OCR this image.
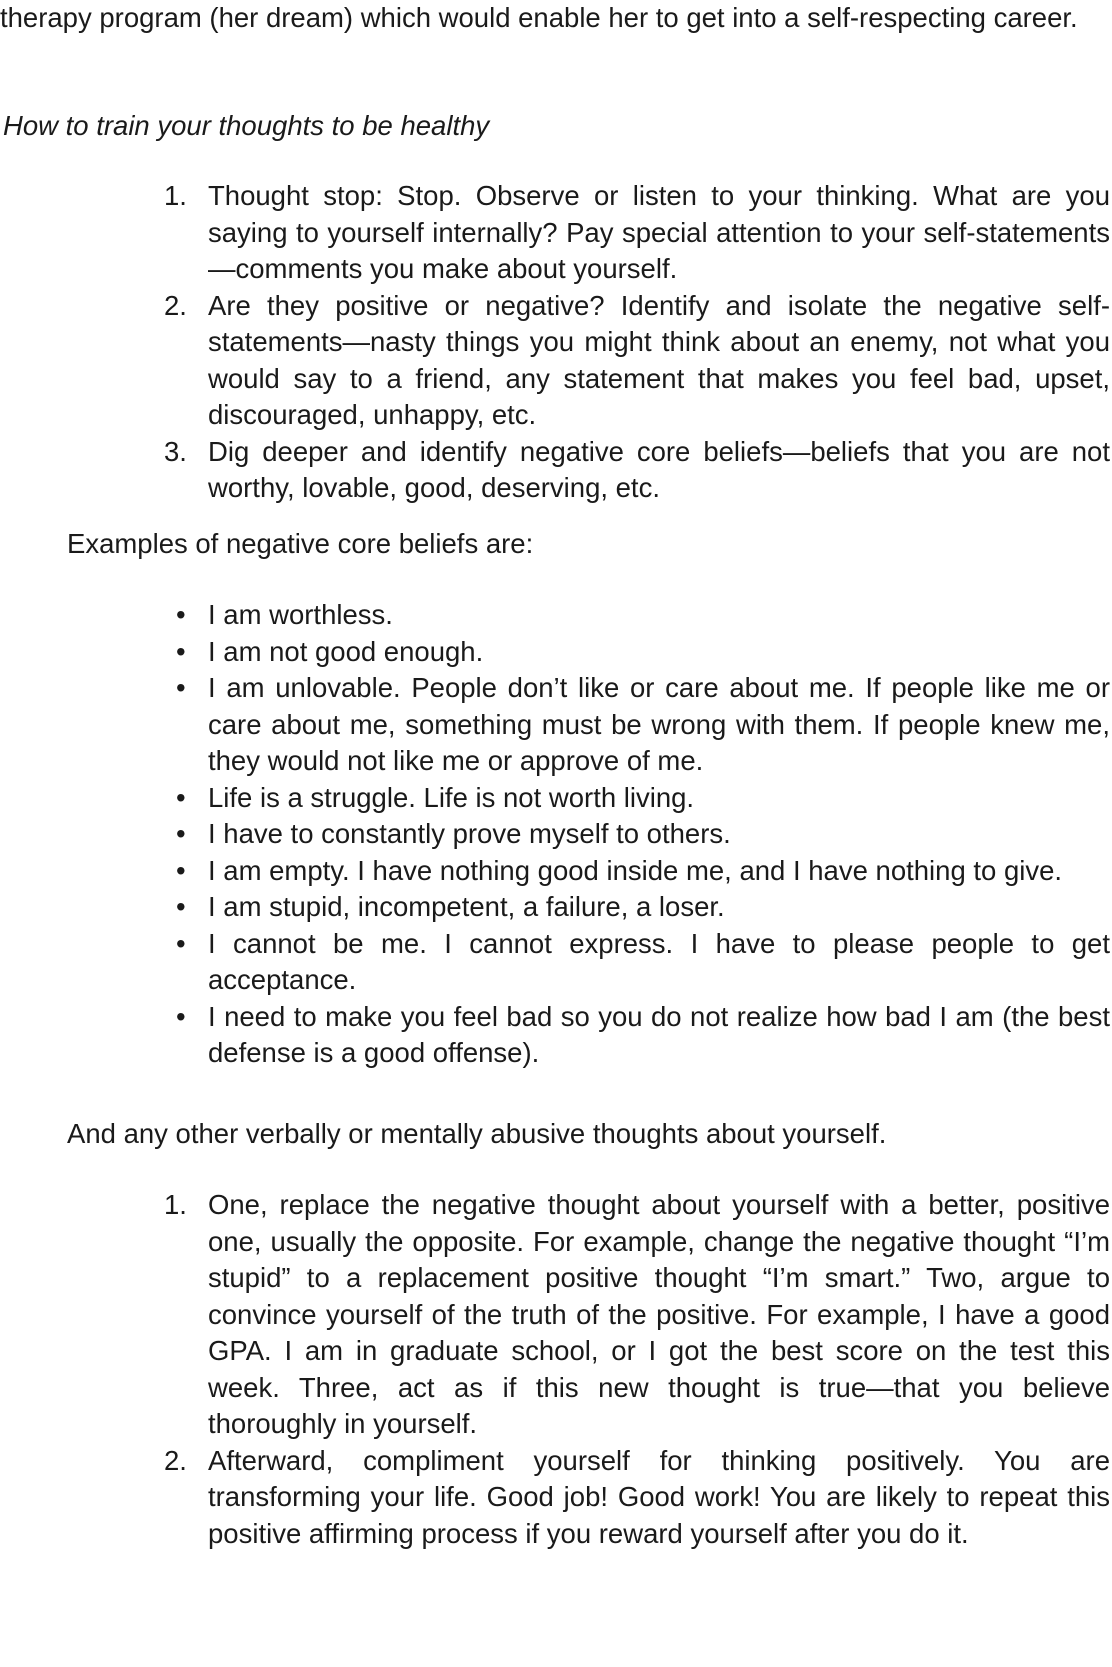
therapy program (her dream) which would enable her to get into a self-respecting career.

How to train your thoughts to be healthy

1. Thought stop: Stop. Observe or listen to your thinking. What are you saying to yourself internally? Pay special attention to your self-statements—comments you make about yourself.
2. Are they positive or negative? Identify and isolate the negative self-statements—nasty things you might think about an enemy, not what you would say to a friend, any statement that makes you feel bad, upset, discouraged, unhappy, etc.
3. Dig deeper and identify negative core beliefs—beliefs that you are not worthy, lovable, good, deserving, etc.

Examples of negative core beliefs are:

• I am worthless.
• I am not good enough.
• I am unlovable. People don’t like or care about me. If people like me or care about me, something must be wrong with them. If people knew me, they would not like me or approve of me.
• Life is a struggle. Life is not worth living.
• I have to constantly prove myself to others.
• I am empty. I have nothing good inside me, and I have nothing to give.
• I am stupid, incompetent, a failure, a loser.
• I cannot be me. I cannot express. I have to please people to get acceptance.
• I need to make you feel bad so you do not realize how bad I am (the best defense is a good offense).

And any other verbally or mentally abusive thoughts about yourself.

1. One, replace the negative thought about yourself with a better, positive one, usually the opposite. For example, change the negative thought “I’m stupid” to a replacement positive thought “I’m smart.” Two, argue to convince yourself of the truth of the positive. For example, I have a good GPA. I am in graduate school, or I got the best score on the test this week. Three, act as if this new thought is true—that you believe thoroughly in yourself.
2. Afterward, compliment yourself for thinking positively. You are transforming your life. Good job! Good work! You are likely to repeat this positive affirming process if you reward yourself after you do it.
